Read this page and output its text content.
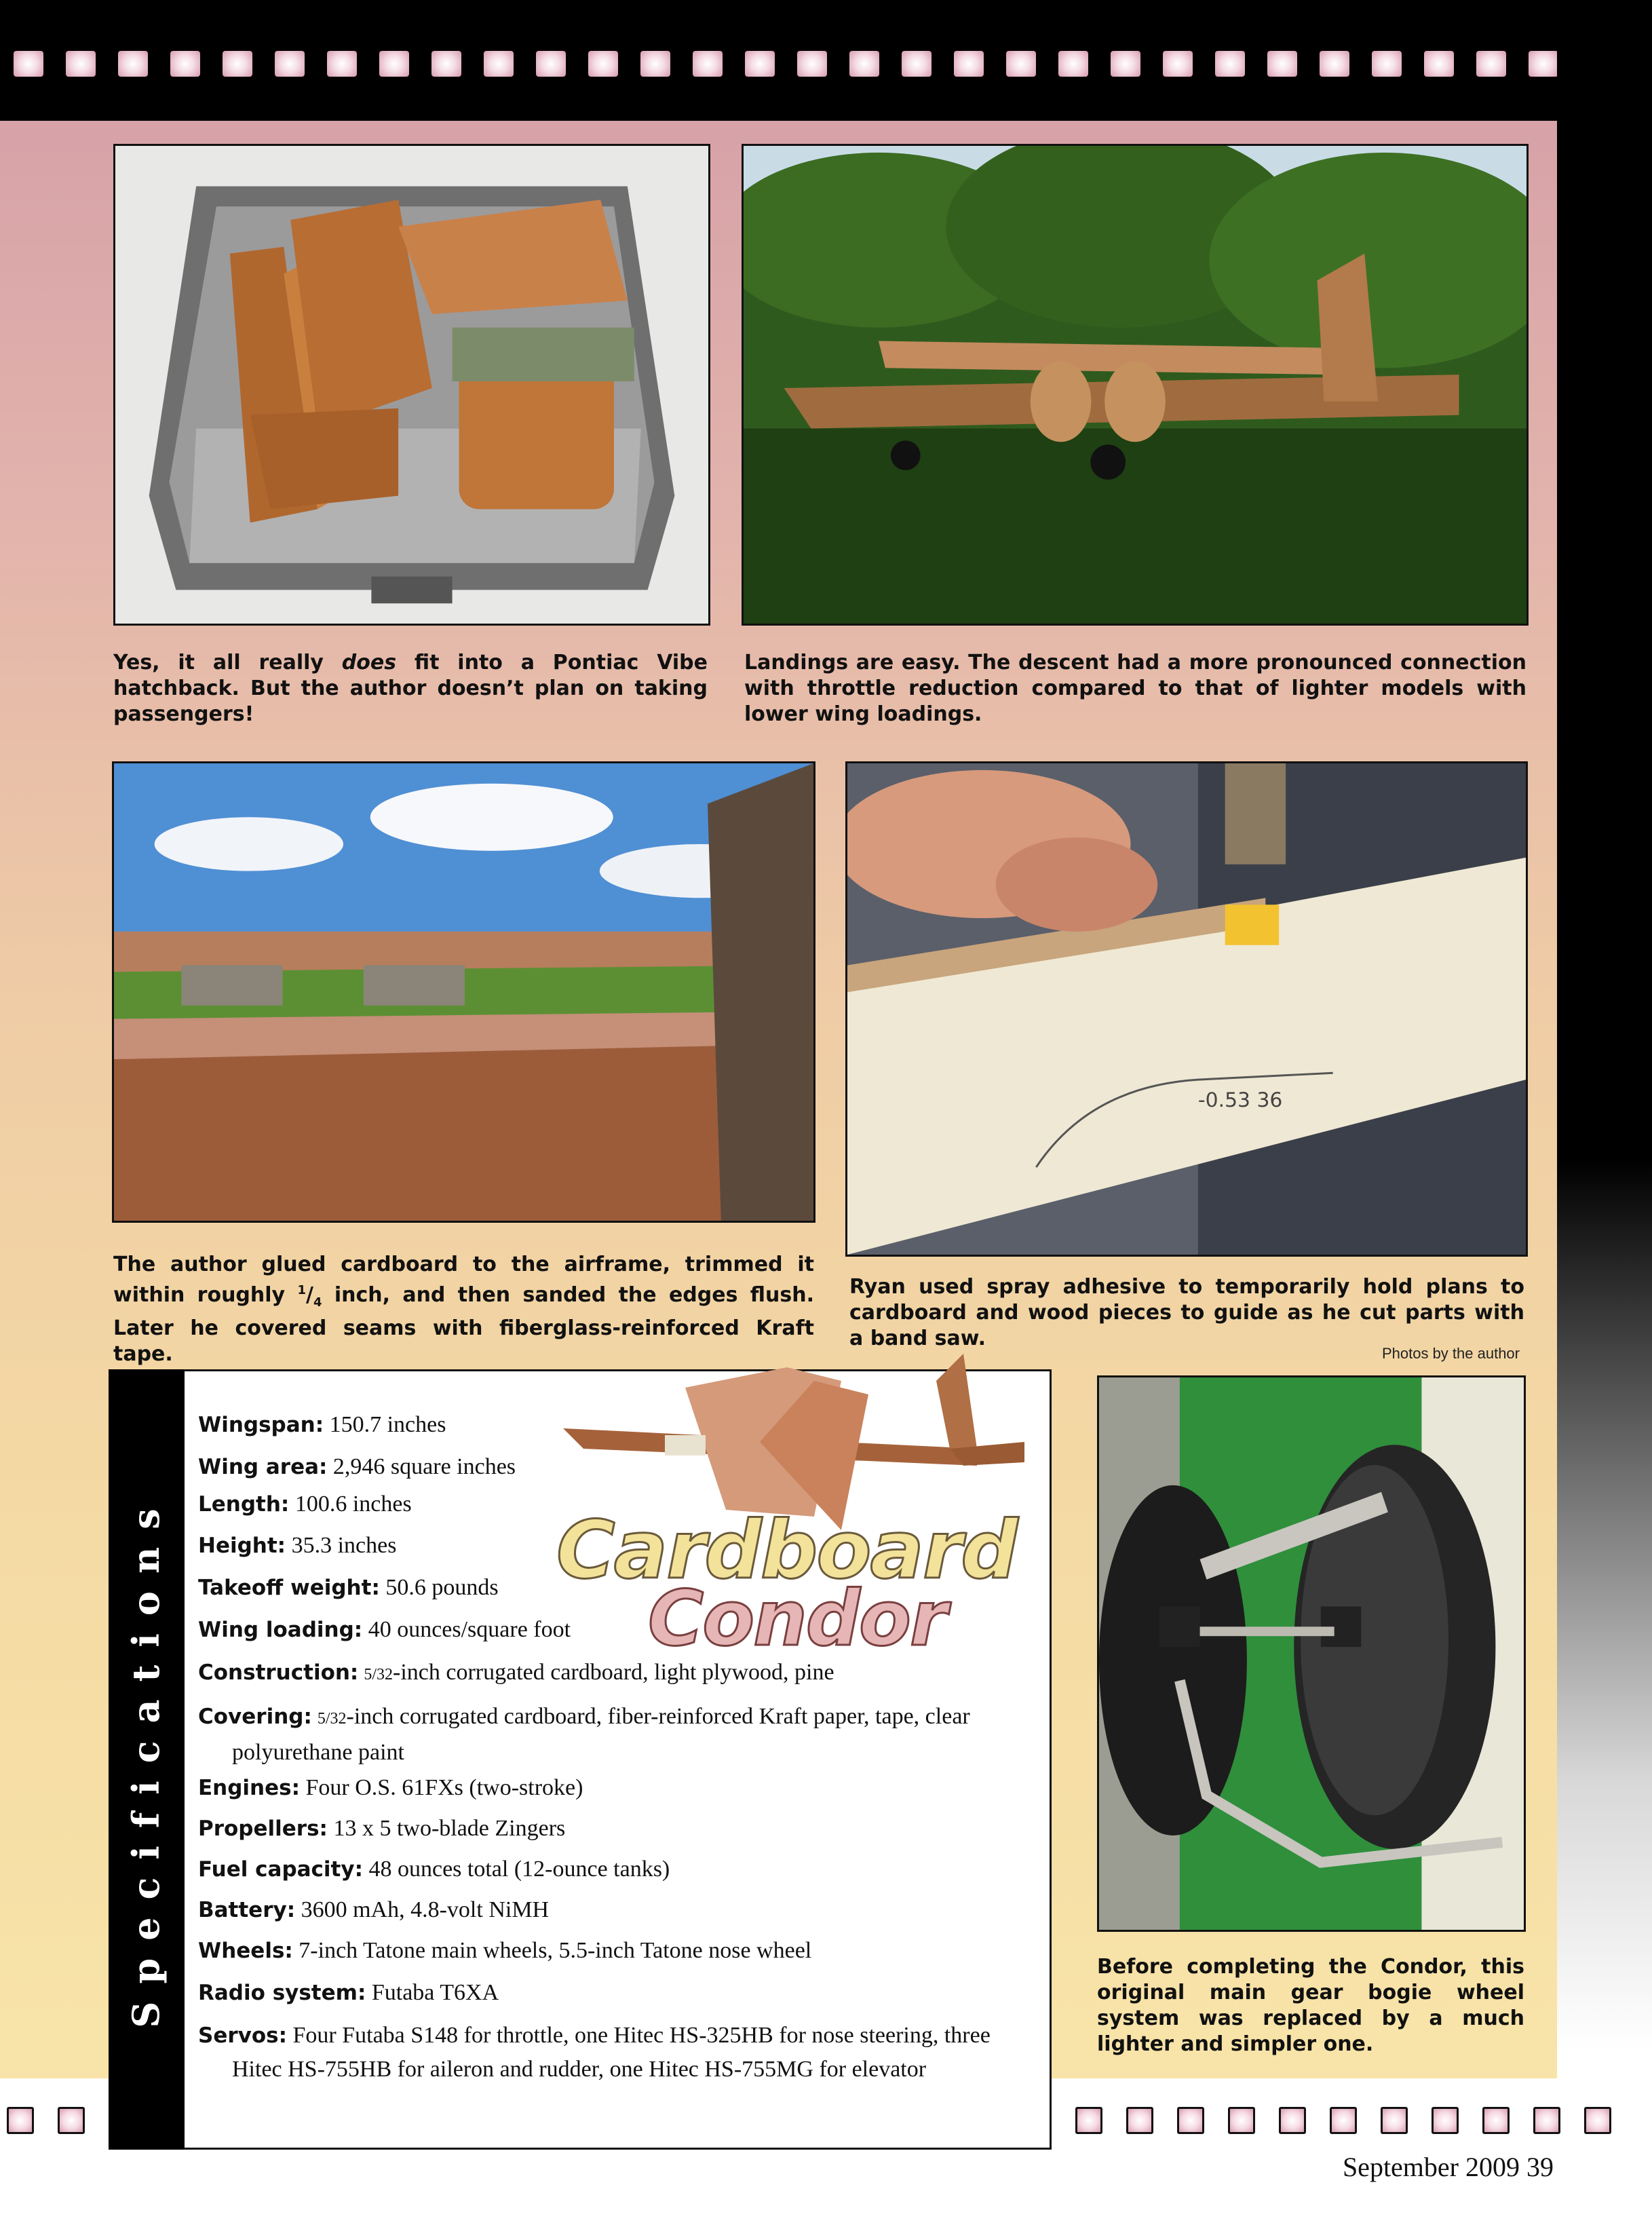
Yes, it all really does fit into a Pontiac Vibe hatchback. But the author doesn’t plan on taking passengers!
Landings are easy. The descent had a more pronounced connection with throttle reduction compared to that of lighter models with lower wing loadings.
-0.53 36
The author glued cardboard to the airframe, trimmed it within roughly $^1/_4$ inch, and then sanded the edges flush. Later he covered seams with fiberglass-reinforced Kraft tape.
Ryan used spray adhesive to temporarily hold plans to cardboard and wood pieces to guide as he cut parts with a band saw.
Photos by the author
Specifications	Cardboard
Condor
Wingspan: 150.7 inches
Wing area: 2,946 square inches
Length: 100.6 inches
Height: 35.3 inches
Takeoff weight: 50.6 pounds
Wing loading: 40 ounces/square foot
Construction: 5/32-inch corrugated cardboard, light plywood, pine
Covering: 5/32-inch corrugated cardboard, fiber-reinforced Kraft paper, tape, clear
polyurethane paint
Engines: Four O.S. 61FXs (two-stroke)
Propellers: 13 x 5 two-blade Zingers
Fuel capacity: 48 ounces total (12-ounce tanks)
Battery: 3600 mAh, 4.8-volt NiMH
Wheels: 7-inch Tatone main wheels, 5.5-inch Tatone nose wheel
Radio system: Futaba T6XA
Servos: Four Futaba S148 for throttle, one Hitec HS-325HB for nose steering, three
Hitec HS-755HB for aileron and rudder, one Hitec HS-755MG for elevator
Before completing the Condor, this original main gear bogie wheel system was replaced by a much lighter and simpler one.
September 2009 39
